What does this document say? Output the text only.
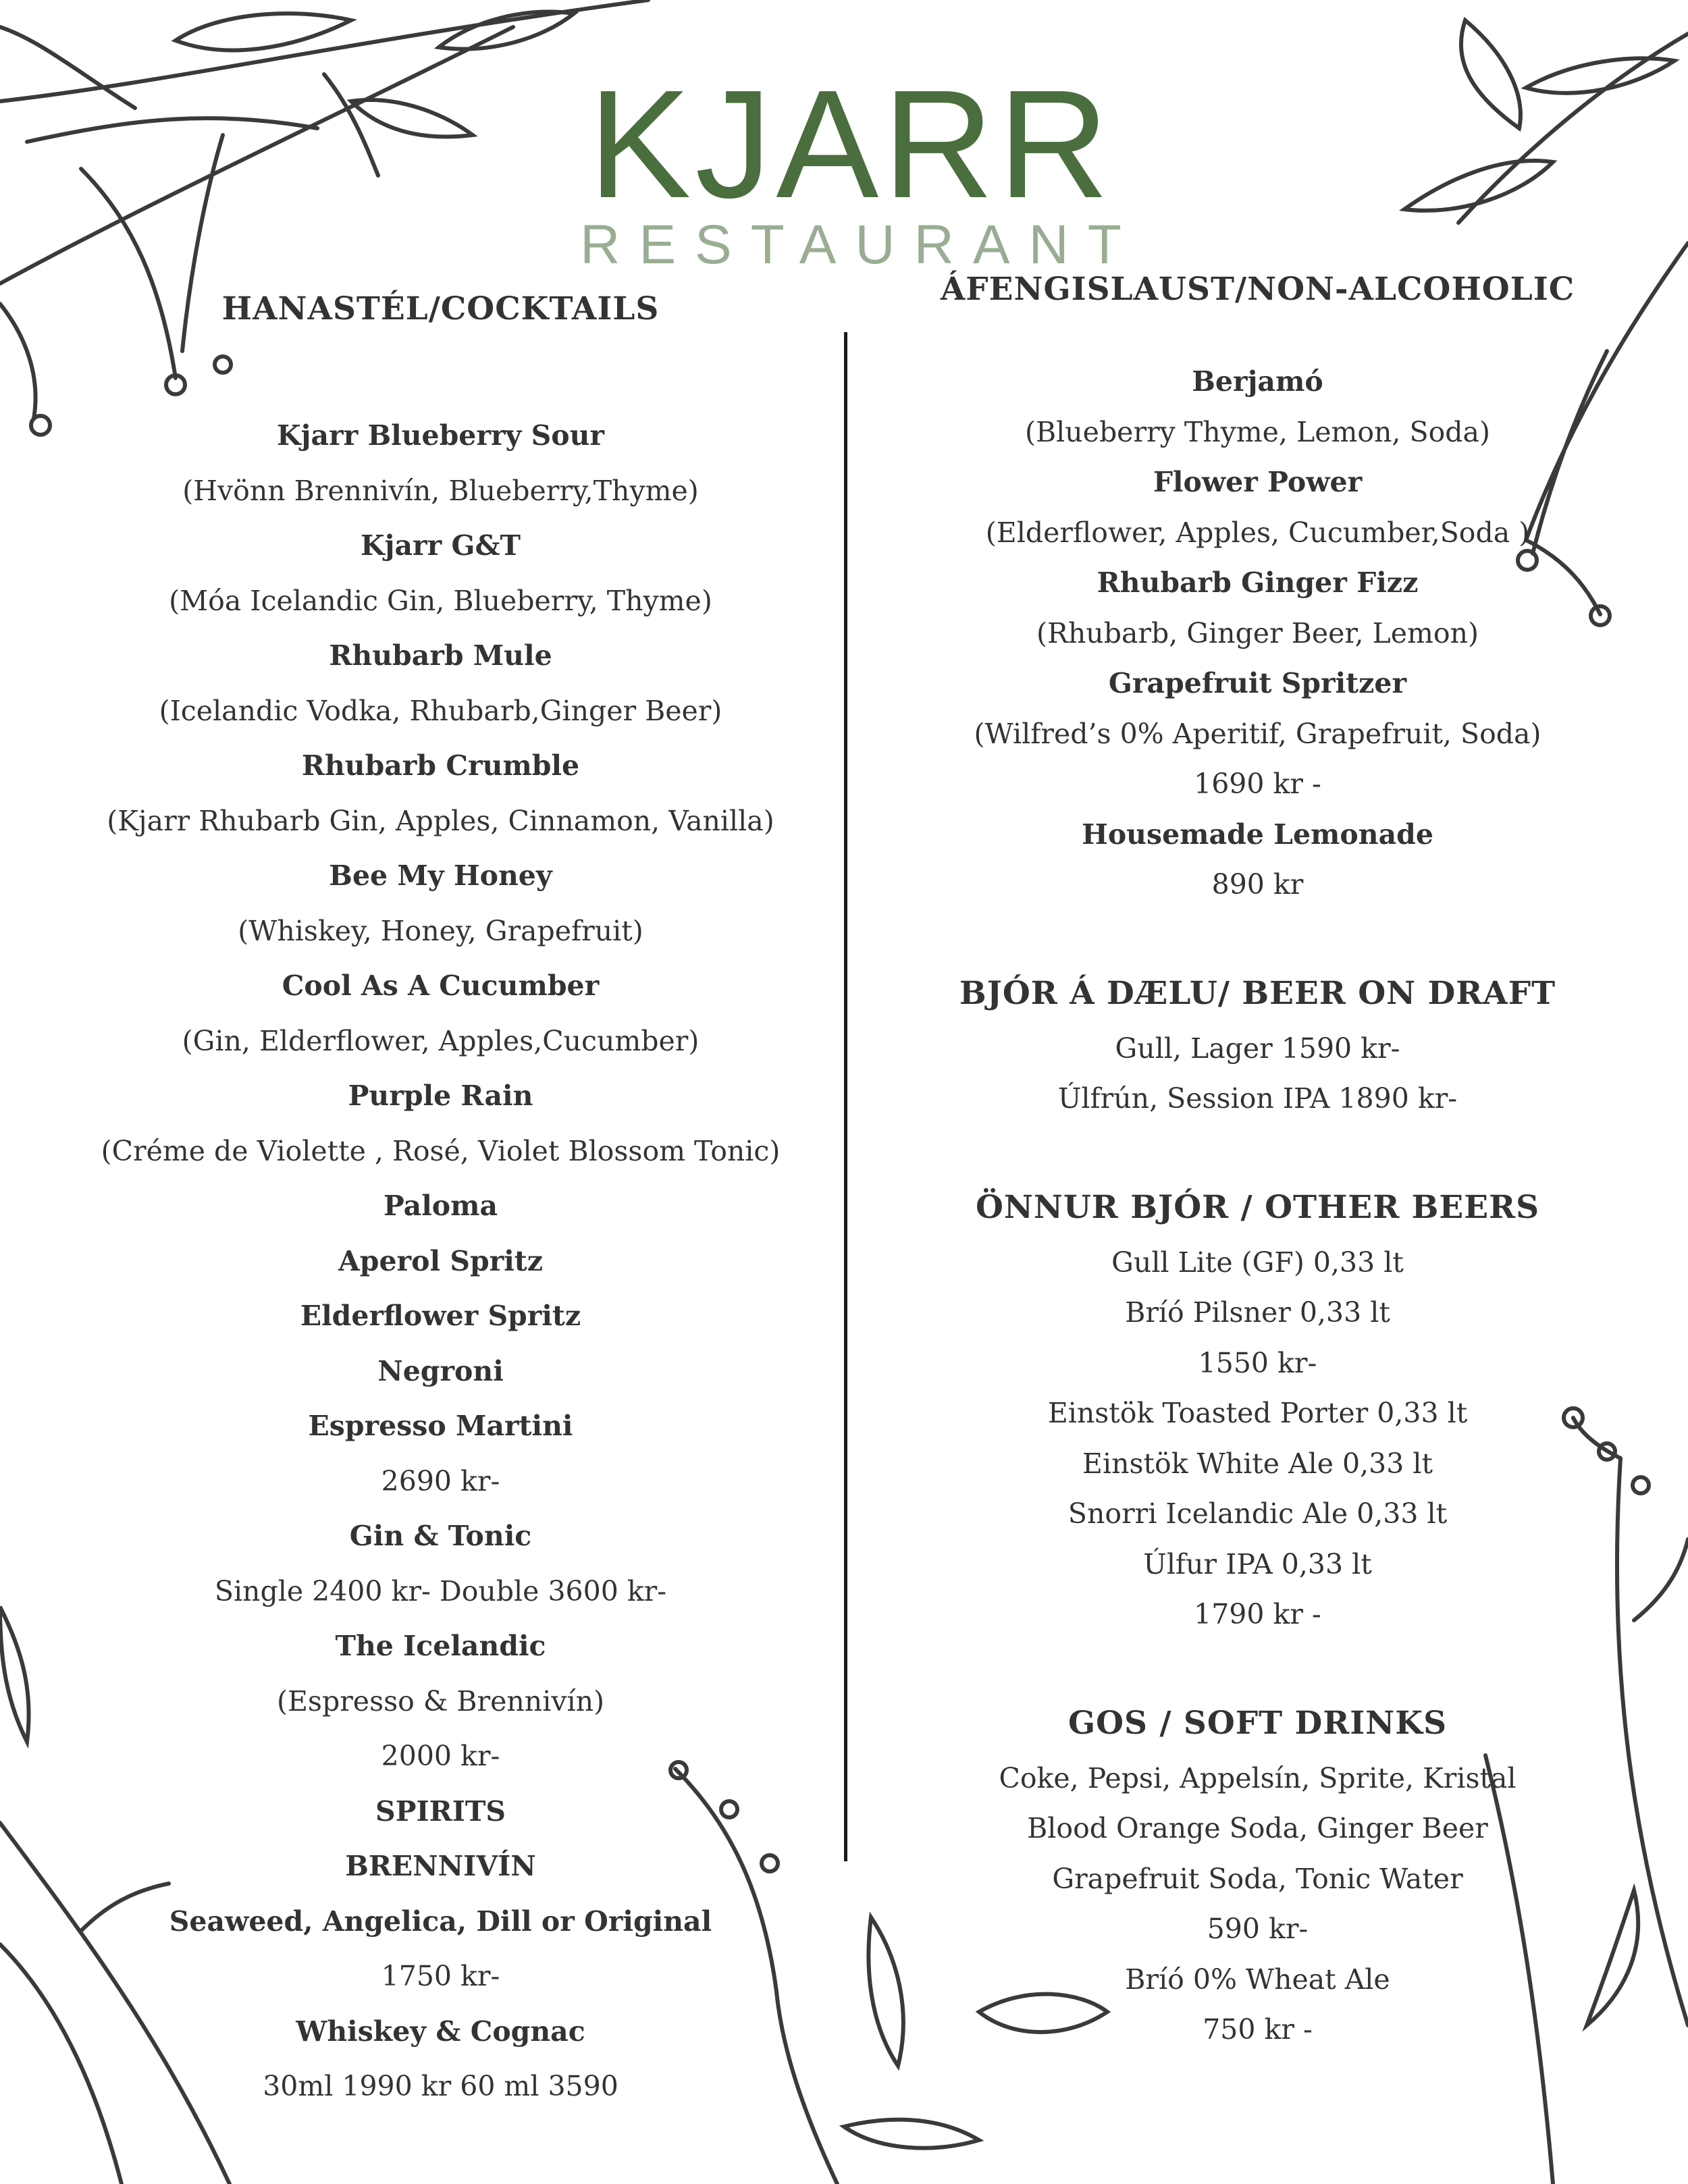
KJARR
RESTAURANT
HANASTÉL/COCKTAILS
Kjarr Blueberry Sour
(Hvönn Brennivín, Blueberry,Thyme)
Kjarr G&T
(Móa Icelandic Gin, Blueberry, Thyme)
Rhubarb Mule
(Icelandic Vodka, Rhubarb,Ginger Beer)
Rhubarb Crumble
(Kjarr Rhubarb Gin, Apples, Cinnamon, Vanilla)
Bee My Honey
(Whiskey, Honey, Grapefruit)
Cool As A Cucumber
(Gin, Elderflower, Apples,Cucumber)
Purple Rain
(Créme de Violette , Rosé, Violet Blossom Tonic)
Paloma
Aperol Spritz
Elderflower Spritz
Negroni
Espresso Martini
2690 kr-
Gin & Tonic
Single 2400 kr- Double 3600 kr-
The Icelandic
(Espresso & Brennivín)
2000 kr-
SPIRITS
BRENNIVÍN
Seaweed, Angelica, Dill or Original
1750 kr-
Whiskey & Cognac
30ml 1990 kr 60 ml 3590
ÁFENGISLAUST/NON-ALCOHOLIC
Berjamó
(Blueberry Thyme, Lemon, Soda)
Flower Power
(Elderflower, Apples, Cucumber,Soda )
Rhubarb Ginger Fizz
(Rhubarb, Ginger Beer, Lemon)
Grapefruit Spritzer
(Wilfred’s 0% Aperitif, Grapefruit, Soda)
1690 kr -
Housemade Lemonade
890 kr
BJÓR Á DÆLU/ BEER ON DRAFT
Gull, Lager 1590 kr-
Úlfrún, Session IPA 1890 kr-
ÖNNUR BJÓR / OTHER BEERS
Gull Lite (GF) 0,33 lt
Bríó Pilsner 0,33 lt
1550 kr-
Einstök Toasted Porter 0,33 lt
Einstök White Ale 0,33 lt
Snorri Icelandic Ale 0,33 lt
Úlfur IPA 0,33 lt
1790 kr -
GOS / SOFT DRINKS
Coke, Pepsi, Appelsín, Sprite, Kristal
Blood Orange Soda, Ginger Beer
Grapefruit Soda, Tonic Water
590 kr-
Bríó 0% Wheat Ale
750 kr -
